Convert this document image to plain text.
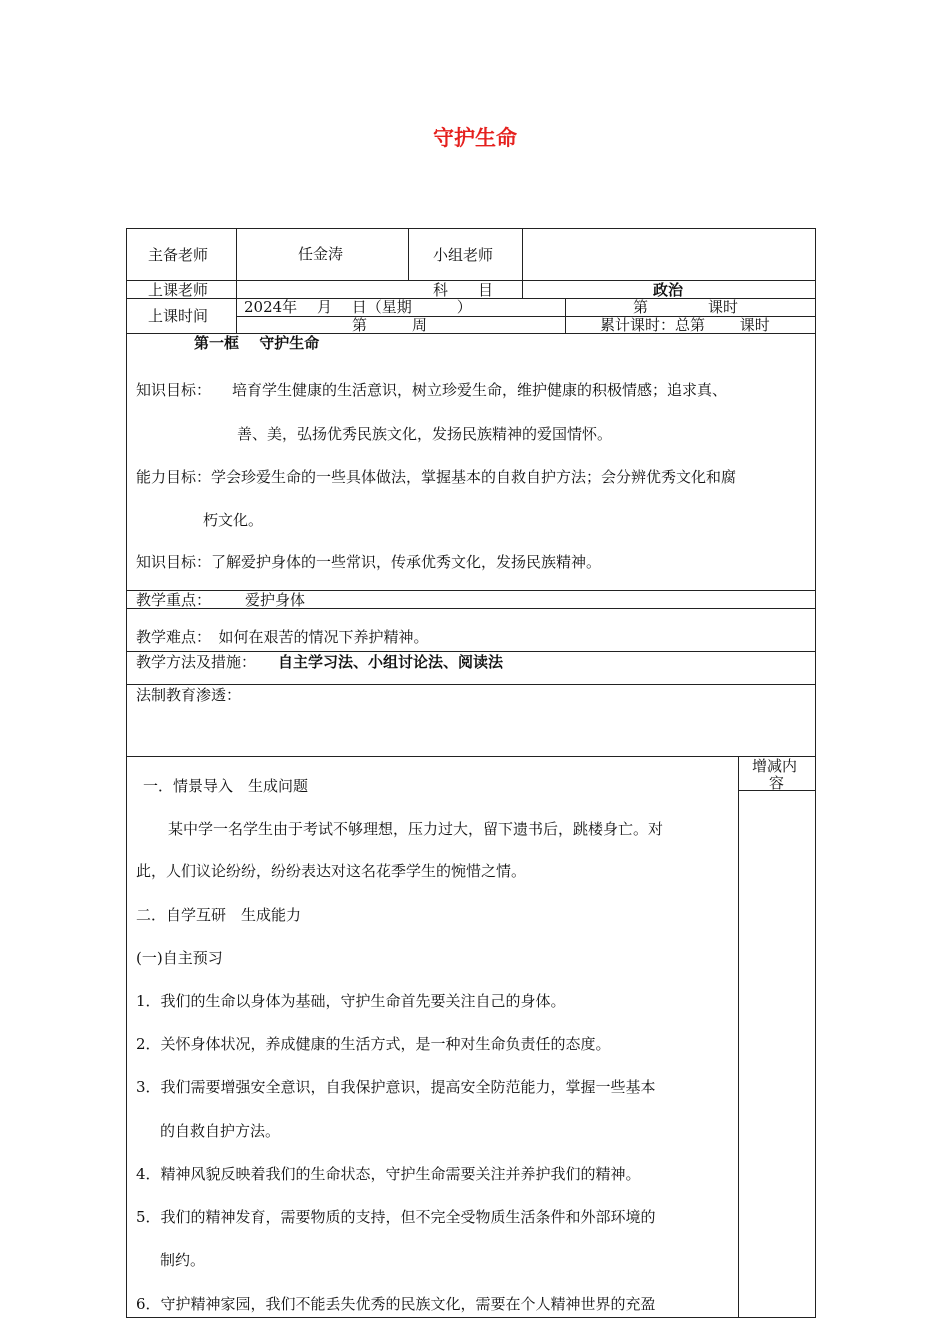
守护生命
主备老师	任金涛	小组老师
上课老师	科　　目	政治
上课时间 2024年　 月　 日（星期　　　）	第　　　　课时
第　　　周	累计课时：总第　　 课时
第一框　 守护生命
知识目标： 培育学生健康的生活意识，树立珍爱生命，维护健康的积极情感；追求真、
善、美，弘扬优秀民族文化，发扬民族精神的爱国情怀。
能力目标：学会珍爱生命的一些具体做法，掌握基本的自救自护方法；会分辨优秀文化和腐
朽文化。
知识目标：了解爱护身体的一些常识，传承优秀文化，发扬民族精神。
教学重点： 爱护身体
教学难点：　如何在艰苦的情况下养护精神。
教学方法及措施： 自主学习法、小组讨论法、阅读法
法制教育渗透：
增减内
容
一．情景导入　生成问题
某中学一名学生由于考试不够理想，压力过大，留下遗书后，跳楼身亡。对
此，人们议论纷纷，纷纷表达对这名花季学生的惋惜之情。
二．自学互研　生成能力
(一)自主预习
1．我们的生命以身体为基础，守护生命首先要关注自己的身体。
2．关怀身体状况，养成健康的生活方式，是一种对生命负责任的态度。
3．我们需要增强安全意识，自我保护意识，提高安全防范能力，掌握一些基本
的自救自护方法。
4．精神风貌反映着我们的生命状态，守护生命需要关注并养护我们的精神。
5．我们的精神发育，需要物质的支持，但不完全受物质生活条件和外部环境的
制约。
6．守护精神家园，我们不能丢失优秀的民族文化，需要在个人精神世界的充盈
